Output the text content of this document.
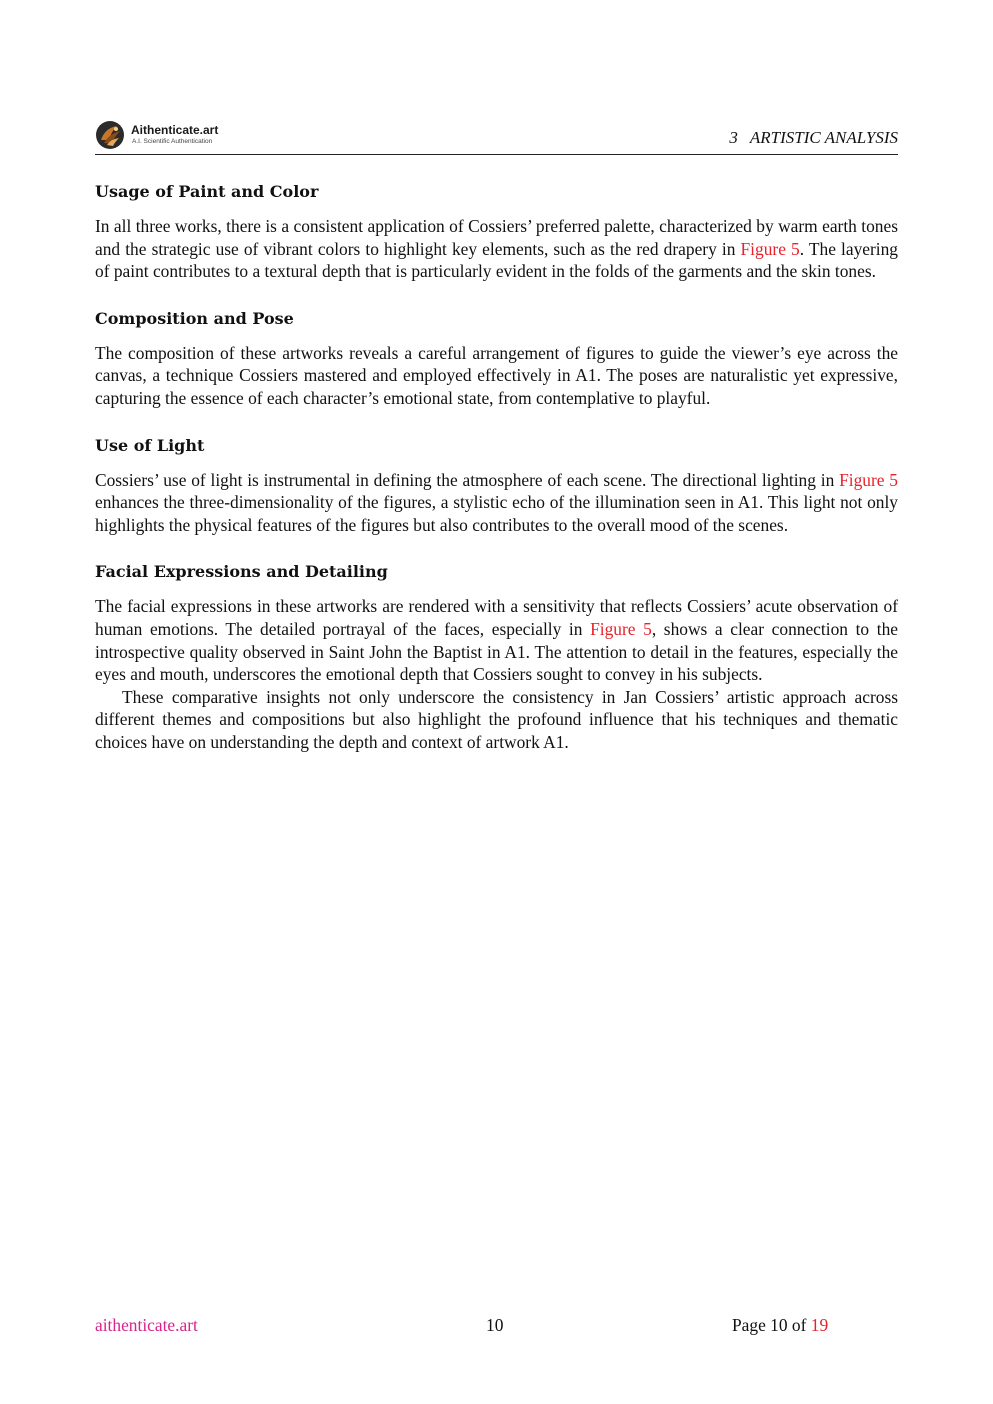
Aithenticate.art
A.I. Scientific Authentication	3 ARTISTIC ANALYSIS
Usage of Paint and Color

In all three works, there is a consistent application of Cossiers’ preferred palette, characterized by warm earth tones and the strategic use of vibrant colors to highlight key elements, such as the red drapery in Figure 5. The layering of paint contributes to a textural depth that is particularly evident in the folds of the garments and the skin tones.

Composition and Pose

The composition of these artworks reveals a careful arrangement of figures to guide the viewer’s eye across the canvas, a technique Cossiers mastered and employed effectively in A1. The poses are naturalistic yet expressive, capturing the essence of each character’s emotional state, from contemplative to playful.

Use of Light

Cossiers’ use of light is instrumental in defining the atmosphere of each scene. The directional lighting in Figure 5 enhances the three-dimensionality of the figures, a stylistic echo of the illumination seen in A1. This light not only highlights the physical features of the figures but also contributes to the overall mood of the scenes.

Facial Expressions and Detailing

The facial expressions in these artworks are rendered with a sensitivity that reflects Cossiers’ acute observation of human emotions. The detailed portrayal of the faces, especially in Figure 5, shows a clear connection to the introspective quality observed in Saint John the Baptist in A1. The attention to detail in the features, especially the eyes and mouth, underscores the emotional depth that Cossiers sought to convey in his subjects.

These comparative insights not only underscore the consistency in Jan Cossiers’ artistic approach across different themes and compositions but also highlight the profound influence that his techniques and thematic choices have on understanding the depth and context of artwork A1.

aithenticate.art	10	Page 10 of 19
